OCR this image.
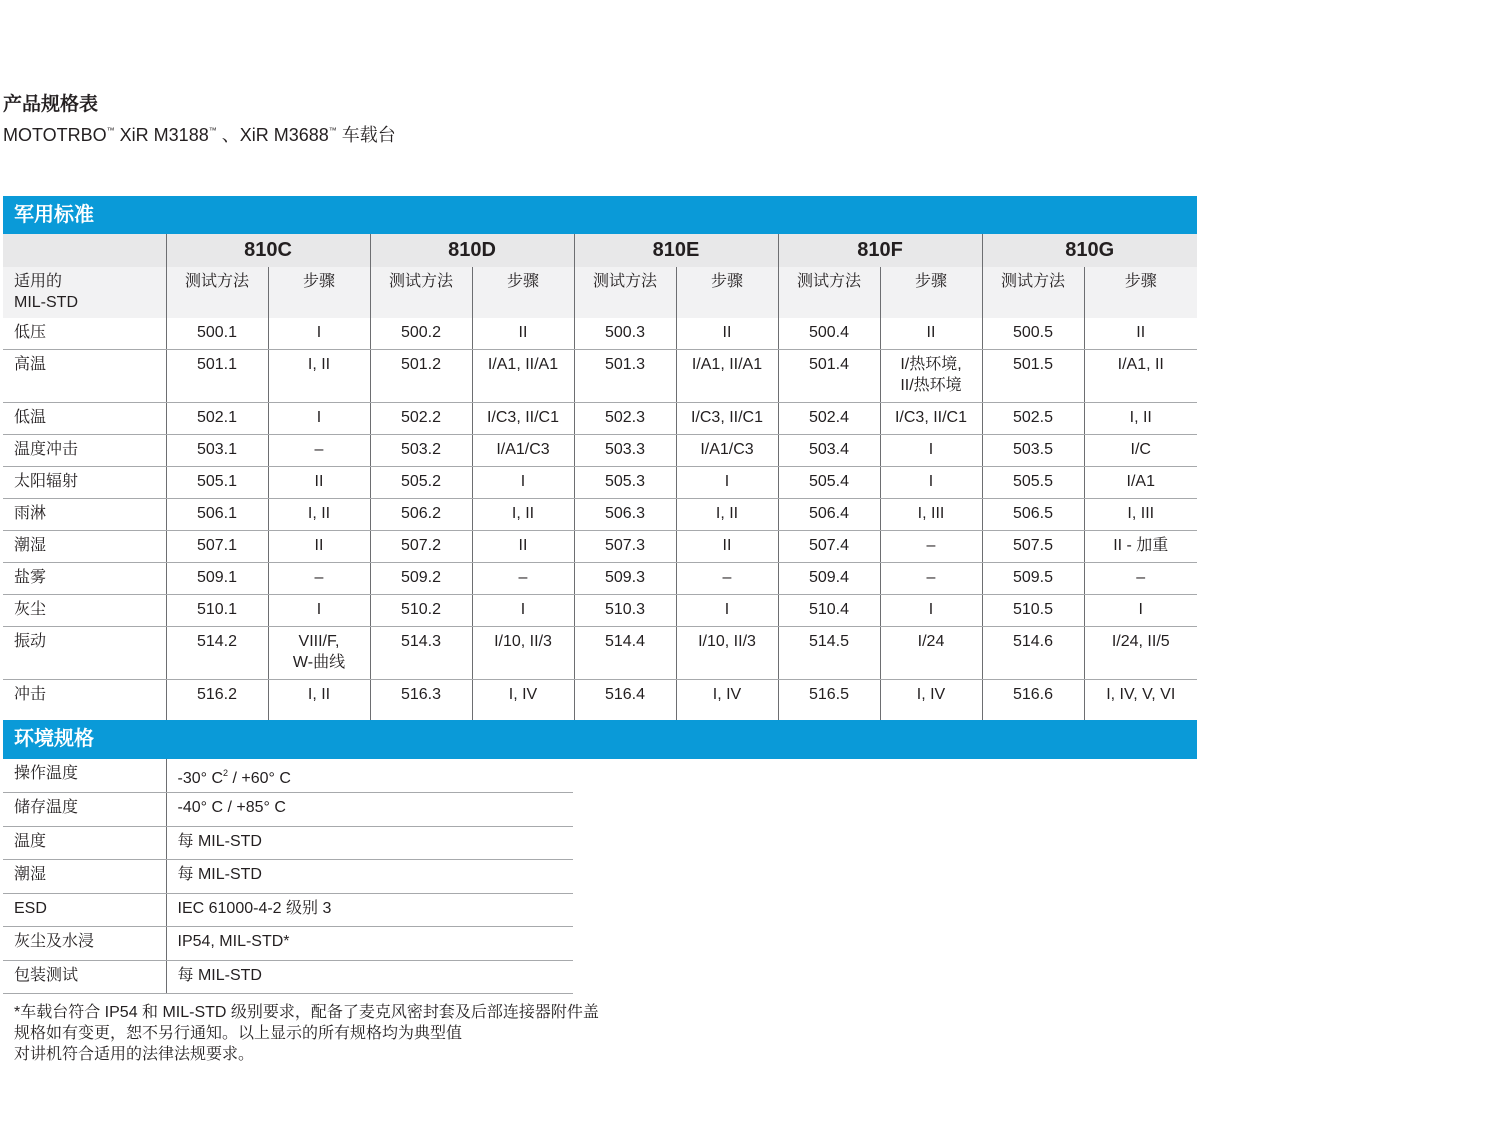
产品规格表

MOTOTRBO™ XiR M3188™ 、XiR M3688™ 车载台

军用标准
	810C		810D		810E		810F		810G	

适用的
MIL-STD	测试方法	步骤	测试方法	步骤	测试方法	步骤	测试方法	步骤	测试方法	步骤
低压	500.1	I	500.2	II	500.3	II	500.4	II	500.5	II
高温	501.1	I, II	501.2	I/A1, II/A1	501.3	I/A1, II/A1	501.4	I/热环境,
II/热环境	501.5	I/A1, II
低温	502.1	I	502.2	I/C3, II/C1	502.3	I/C3, II/C1	502.4	I/C3, II/C1	502.5	I, II
温度冲击	503.1	–	503.2	I/A1/C3	503.3	I/A1/C3	503.4	I	503.5	I/C
太阳辐射	505.1	II	505.2	I	505.3	I	505.4	I	505.5	I/A1
雨淋	506.1	I, II	506.2	I, II	506.3	I, II	506.4	I, III	506.5	I, III
潮湿	507.1	II	507.2	II	507.3	II	507.4	–	507.5	II - 加重
盐雾	509.1	–	509.2	–	509.3	–	509.4	–	509.5	–
灰尘	510.1	I	510.2	I	510.3	I	510.4	I	510.5	I
振动	514.2	VIII/F,
W-曲线	514.3	I/10, II/3	514.4	I/10, II/3	514.5	I/24	514.6	I/24, II/5
冲击	516.2	I, II	516.3	I, IV	516.4	I, IV	516.5	I, IV	516.6	I, IV, V, VI
环境规格
操作温度	-30° $C^2 / +60^\circ$ C
储存温度	-40° C / +85° C
温度	每 MIL-STD
潮湿	每 MIL-STD
ESD	IEC 61000-4-2 级别 3
灰尘及水浸	IP54, MIL-STD*
包装测试	每 MIL-STD
*车载台符合 IP54 和 MIL-STD 级别要求，配备了麦克风密封套及后部连接器附件盖
规格如有变更，恕不另行通知。以上显示的所有规格均为典型值
对讲机符合适用的法律法规要求。
